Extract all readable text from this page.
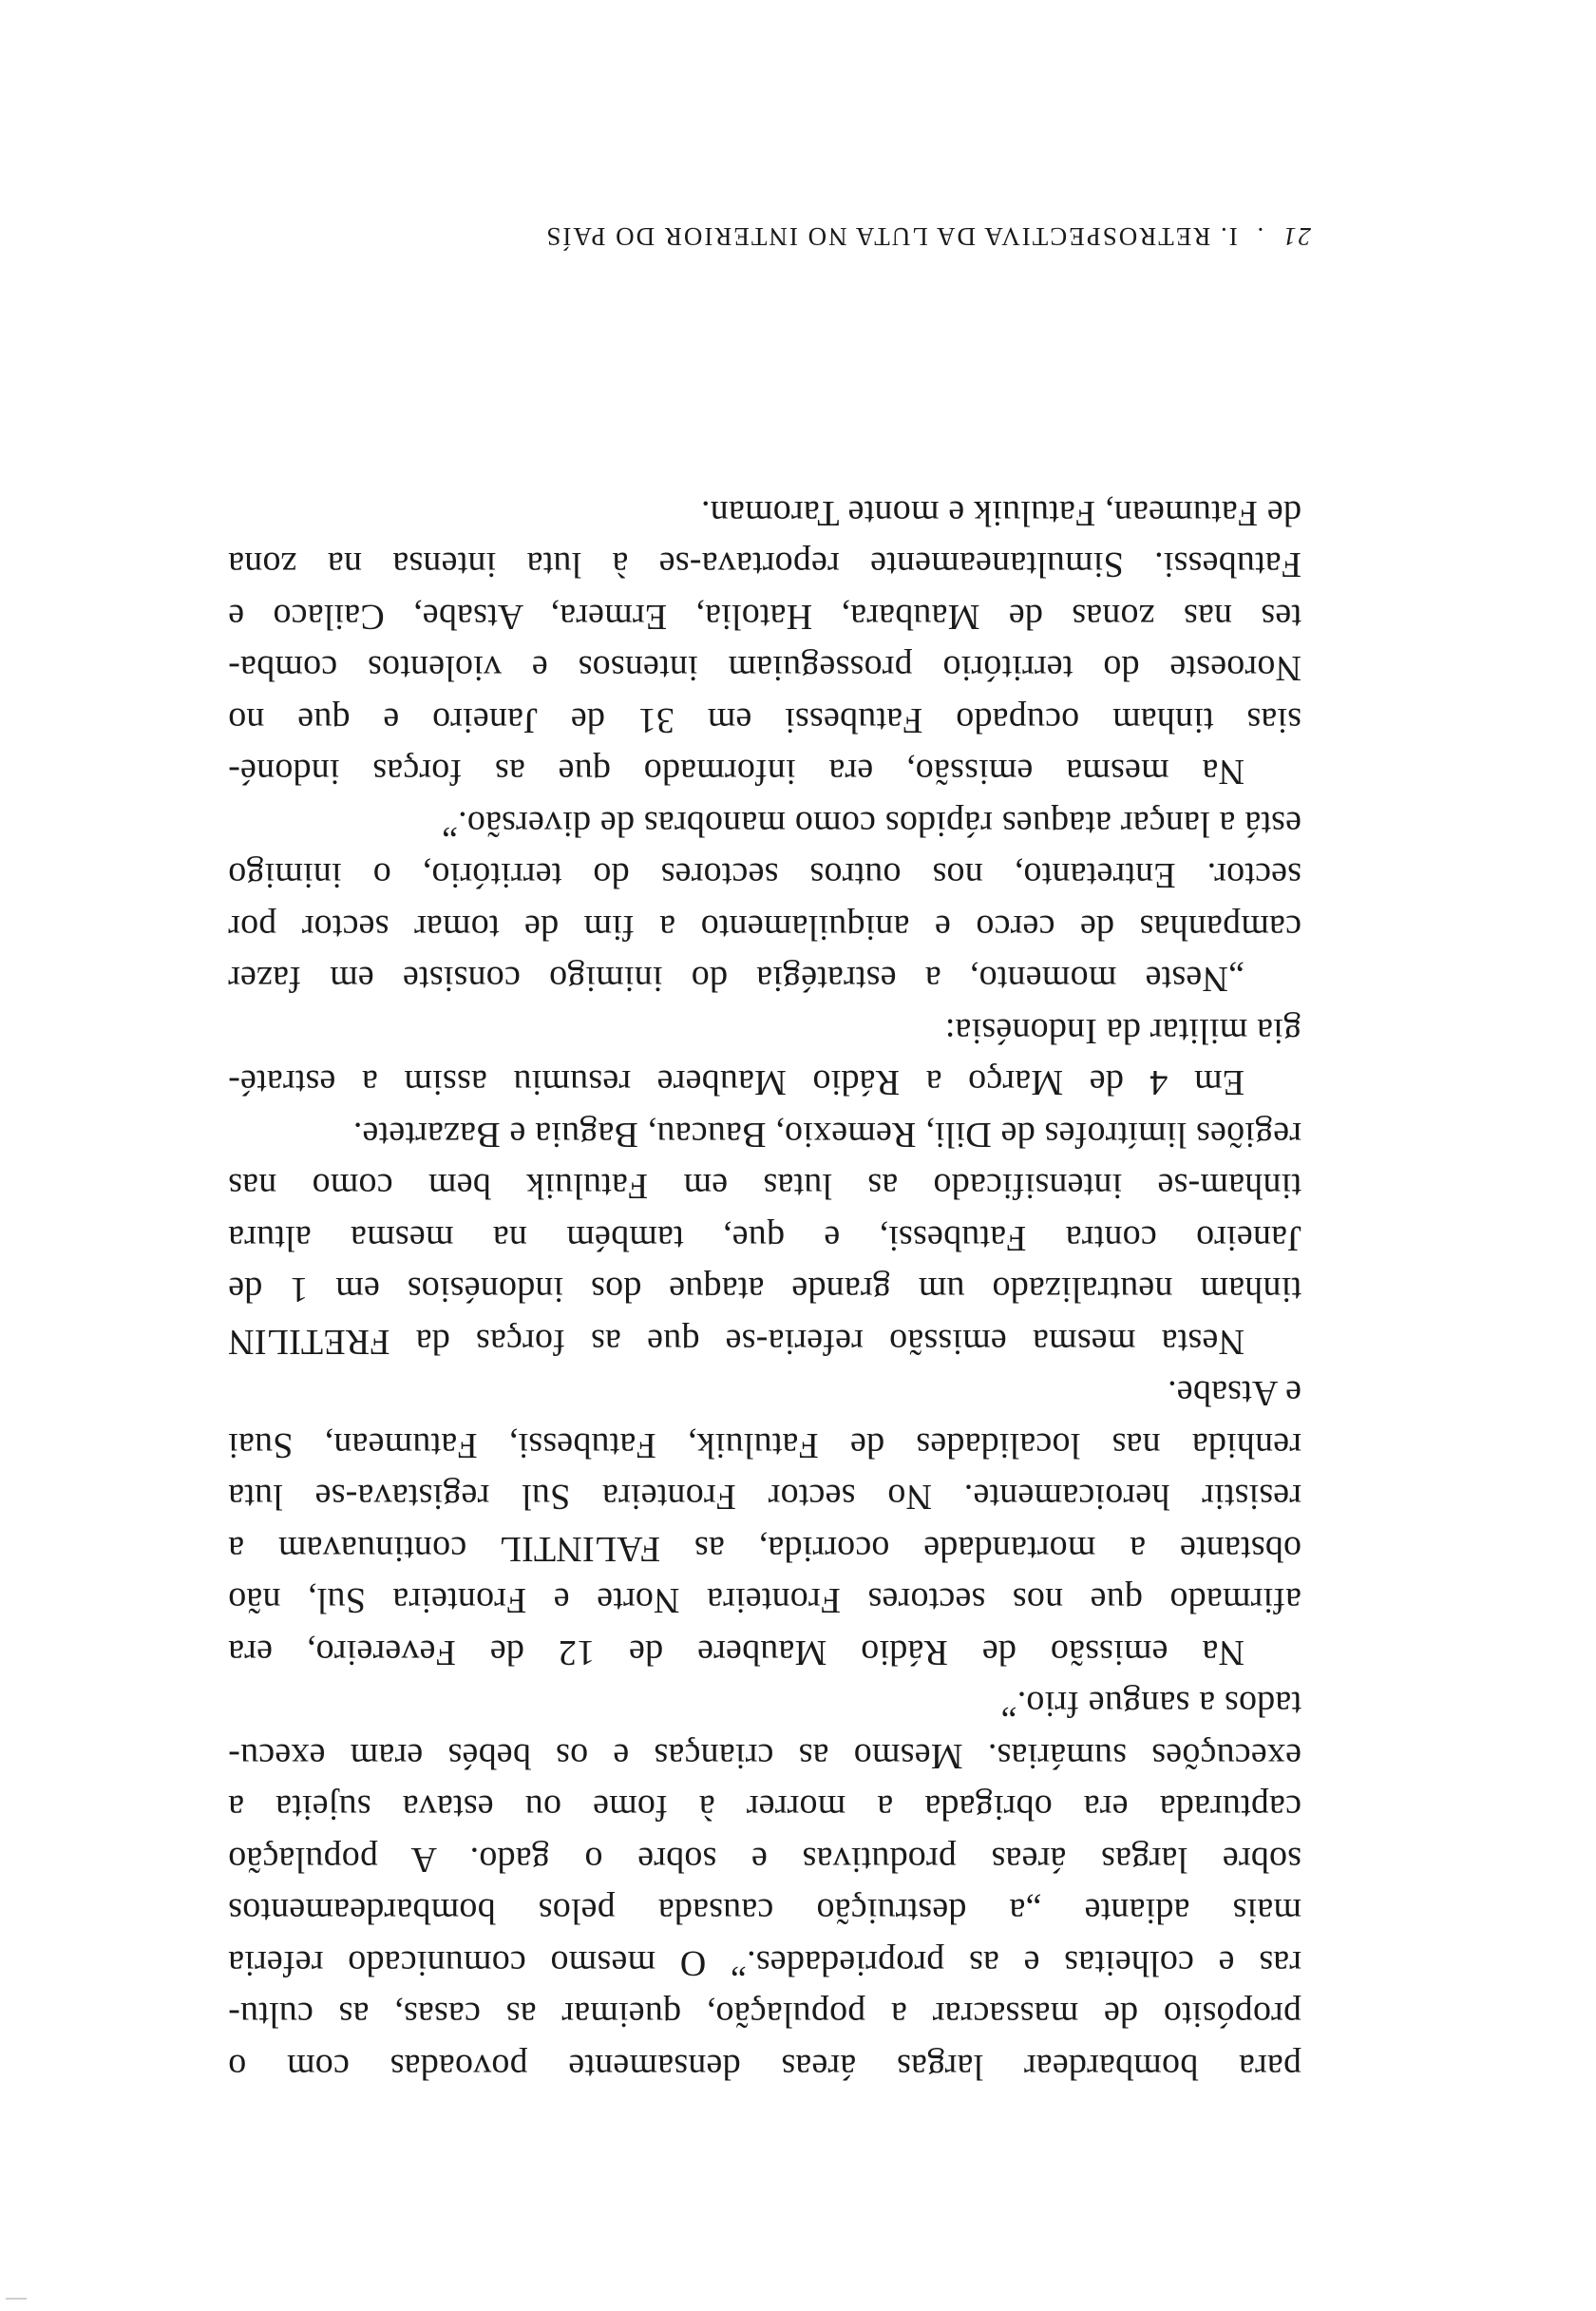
para bombardear largas áreas densamente povoadas com o
propósito de massacrar a população, queimar as casas, as cultu-
ras e colheitas e as propriedades.” O mesmo comunicado referia
mais adiante „a destruição causada pelos bombardeamentos
sobre largas áreas produtivas e sobre o gado. A população
capturada era obrigada a morrer à fome ou estava sujeita a
execuções sumárias. Mesmo as crianças e os bebés eram execu-
tados a sangue frio.”
Na emissão de Rádio Maubere de 12 de Fevereiro, era
afirmado que nos sectores Fronteira Norte e Fronteira Sul, não
obstante a mortandade ocorrida, as FALINTIL continuavam a
resistir heroicamente. No sector Fronteira Sul registava-se luta
renhida nas localidades de Fatuluik, Fatubessi, Fatumean, Suai
e Atsabe.
Nesta mesma emissão referia-se que as forças da FRETILIN
tinham neutralizado um grande ataque dos indonésios em 1 de
Janeiro contra Fatubessi, e que, também na mesma altura
tinham-se intensificado as lutas em Fatuluik bem como nas
regiões limítrofes de Dili, Remexio, Baucau, Baguia e Bazartete.
Em 4 de Março a Rádio Maubere resumiu assim a estraté-
gia militar da Indonésia:
„Neste momento, a estratégia do inimigo consiste em fazer
campanhas de cerco e aniquilamento a fim de tomar sector por
sector. Entretanto, nos outros sectores do território, o inimigo
está a lançar ataques rápidos como manobras de diversão.”
Na mesma emissão, era informado que as forças indoné-
sias tinham ocupado Fatubessi em 31 de Janeiro e que no
Noroeste do território prosseguiam intensos e violentos comba-
tes nas zonas de Maubara, Hatolia, Ermera, Atsabe, Cailaco e
Fatubessi. Simultaneamente reportava-se à luta intensa na zona
de Fatumean, Fatuluik e monte Taroman.
21 . I. RETROSPECTIVA DA LUTA NO INTERIOR DO PAÍS
